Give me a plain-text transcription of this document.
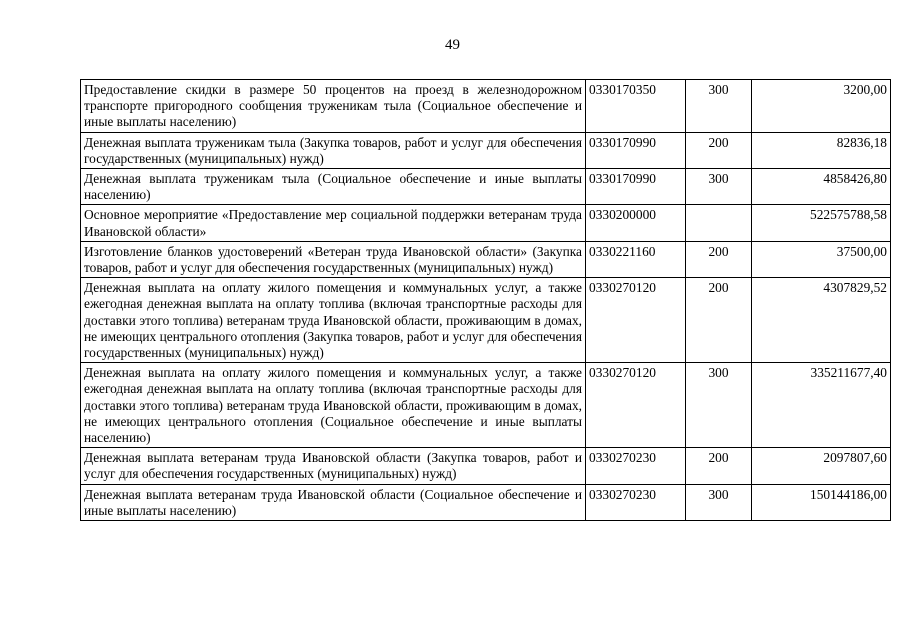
49
Предоставление скидки в размере 50 процентов на проезд в железнодорожном транспорте пригородного сообщения труженикам тыла (Социальное обеспечение и иные выплаты населению)	0330170350	300	3200,00
Денежная выплата труженикам тыла (Закупка товаров, работ и услуг для обеспечения государственных (муниципальных) нужд)	0330170990	200	82836,18
Денежная выплата труженикам тыла (Социальное обеспечение и иные выплаты населению)	0330170990	300	4858426,80
Основное мероприятие «Предоставление мер социальной поддержки ветеранам труда Ивановской области»	0330200000		522575788,58
Изготовление бланков удостоверений «Ветеран труда Ивановской области» (Закупка товаров, работ и услуг для обеспечения государственных (муниципальных) нужд)	0330221160	200	37500,00
Денежная выплата на оплату жилого помещения и коммунальных услуг, а также ежегодная денежная выплата на оплату топлива (включая транспортные расходы для доставки этого топлива) ветеранам труда Ивановской области, проживающим в домах, не имеющих центрального отопления (Закупка товаров, работ и услуг для обеспечения государственных (муниципальных) нужд)	0330270120	200	4307829,52
Денежная выплата на оплату жилого помещения и коммунальных услуг, а также ежегодная денежная выплата на оплату топлива (включая транспортные расходы для доставки этого топлива) ветеранам труда Ивановской области, проживающим в домах, не имеющих центрального отопления (Социальное обеспечение и иные выплаты населению)	0330270120	300	335211677,40
Денежная выплата ветеранам труда Ивановской области (Закупка товаров, работ и услуг для обеспечения государственных (муниципальных) нужд)	0330270230	200	2097807,60
Денежная выплата ветеранам труда Ивановской области (Социальное обеспечение и иные выплаты населению)	0330270230	300	150144186,00
